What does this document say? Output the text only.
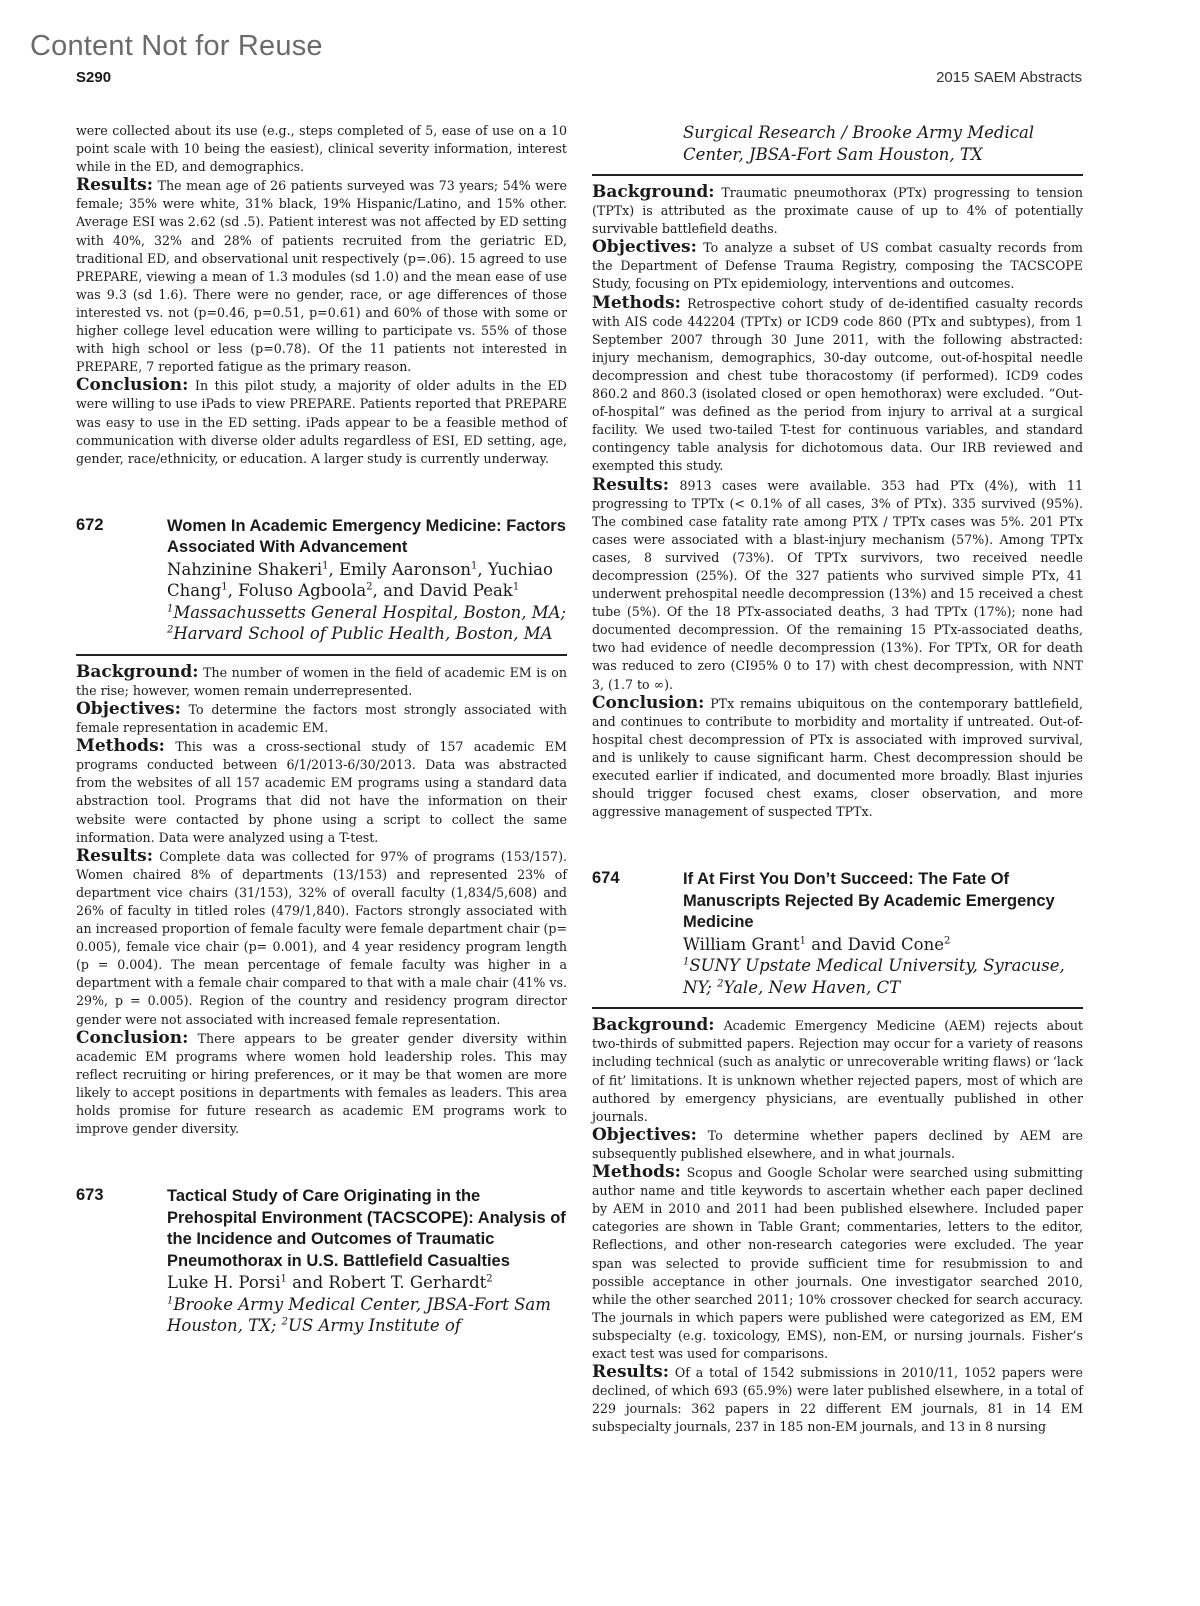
Content Not for Reuse
S290	2015 SAEM Abstracts

were collected about its use (e.g., steps completed of 5, ease of use on a 10 point scale with 10 being the easiest), clinical severity information, interest while in the ED, and demographics.

Results: The mean age of 26 patients surveyed was 73 years; 54% were female; 35% were white, 31% black, 19% Hispanic/Latino, and 15% other. Average ESI was 2.62 (sd .5). Patient interest was not affected by ED setting with 40%, 32% and 28% of patients recruited from the geriatric ED, traditional ED, and observational unit respectively (p=.06). 15 agreed to use PREPARE, viewing a mean of 1.3 modules (sd 1.0) and the mean ease of use was 9.3 (sd 1.6). There were no gender, race, or age differences of those interested vs. not (p=0.46, p=0.51, p=0.61) and 60% of those with some or higher college level education were willing to participate vs. 55% of those with high school or less (p=0.78). Of the 11 patients not interested in PREPARE, 7 reported fatigue as the primary reason.

Conclusion: In this pilot study, a majority of older adults in the ED were willing to use iPads to view PREPARE. Patients reported that PREPARE was easy to use in the ED setting. iPads appear to be a feasible method of communication with diverse older adults regardless of ESI, ED setting, age, gender, race/ethnicity, or education. A larger study is currently underway.

672	Women In Academic Emergency Medicine: Factors Associated With Advancement
Nahzinine Shakeri$^1$, Emily Aaronson$^1$, Yuchiao Chang$^1$, Foluso Agboola$^2$, and David Peak$^1$
$^1$Massachussetts General Hospital, Boston, MA; $^2$Harvard School of Public Health, Boston, MA

Background: The number of women in the field of academic EM is on the rise; however, women remain underrepresented.

Objectives: To determine the factors most strongly associated with female representation in academic EM.

Methods: This was a cross-sectional study of 157 academic EM programs conducted between 6/1/2013-6/30/2013. Data was abstracted from the websites of all 157 academic EM programs using a standard data abstraction tool. Programs that did not have the information on their website were contacted by phone using a script to collect the same information. Data were analyzed using a T-test.

Results: Complete data was collected for 97% of programs (153/157). Women chaired 8% of departments (13/153) and represented 23% of department vice chairs (31/153), 32% of overall faculty (1,834/5,608) and 26% of faculty in titled roles (479/1,840). Factors strongly associated with an increased proportion of female faculty were female department chair (p= 0.005), female vice chair (p= 0.001), and 4 year residency program length (p = 0.004). The mean percentage of female faculty was higher in a department with a female chair compared to that with a male chair (41% vs. 29%, p = 0.005). Region of the country and residency program director gender were not associated with increased female representation.

Conclusion: There appears to be greater gender diversity within academic EM programs where women hold leadership roles. This may reflect recruiting or hiring preferences, or it may be that women are more likely to accept positions in departments with females as leaders. This area holds promise for future research as academic EM programs work to improve gender diversity.

673	Tactical Study of Care Originating in the Prehospital Environment (TACSCOPE): Analysis of the Incidence and Outcomes of Traumatic Pneumothorax in U.S. Battlefield Casualties
Luke H. Porsi$^1$ and Robert T. Gerhardt$^2$
$^1$Brooke Army Medical Center, JBSA-Fort Sam Houston, TX; $^2$US Army Institute of
Surgical Research / Brooke Army Medical Center, JBSA-Fort Sam Houston, TX

Background: Traumatic pneumothorax (PTx) progressing to tension (TPTx) is attributed as the proximate cause of up to 4% of potentially survivable battlefield deaths.

Objectives: To analyze a subset of US combat casualty records from the Department of Defense Trauma Registry, composing the TACSCOPE Study, focusing on PTx epidemiology, interventions and outcomes.

Methods: Retrospective cohort study of de-identified casualty records with AIS code 442204 (TPTx) or ICD9 code 860 (PTx and subtypes), from 1 September 2007 through 30 June 2011, with the following abstracted: injury mechanism, demographics, 30-day outcome, out-of-hospital needle decompression and chest tube thoracostomy (if performed). ICD9 codes 860.2 and 860.3 (isolated closed or open hemothorax) were excluded. “Out-of-hospital” was defined as the period from injury to arrival at a surgical facility. We used two-tailed T-test for continuous variables, and standard contingency table analysis for dichotomous data. Our IRB reviewed and exempted this study.

Results: 8913 cases were available. 353 had PTx (4%), with 11 progressing to TPTx (< 0.1% of all cases, 3% of PTx). 335 survived (95%). The combined case fatality rate among PTX / TPTx cases was 5%. 201 PTx cases were associated with a blast-injury mechanism (57%). Among TPTx cases, 8 survived (73%). Of TPTx survivors, two received needle decompression (25%). Of the 327 patients who survived simple PTx, 41 underwent prehospital needle decompression (13%) and 15 received a chest tube (5%). Of the 18 PTx-associated deaths, 3 had TPTx (17%); none had documented decompression. Of the remaining 15 PTx-associated deaths, two had evidence of needle decompression (13%). For TPTx, OR for death was reduced to zero (CI95% 0 to 17) with chest decompression, with NNT 3, (1.7 to ∞).

Conclusion: PTx remains ubiquitous on the contemporary battlefield, and continues to contribute to morbidity and mortality if untreated. Out-of-hospital chest decompression of PTx is associated with improved survival, and is unlikely to cause significant harm. Chest decompression should be executed earlier if indicated, and documented more broadly. Blast injuries should trigger focused chest exams, closer observation, and more aggressive management of suspected TPTx.

674	If At First You Don’t Succeed: The Fate Of Manuscripts Rejected By Academic Emergency Medicine
William Grant$^1$ and David Cone$^2$
$^1$SUNY Upstate Medical University, Syracuse, NY; $^2$Yale, New Haven, CT

Background: Academic Emergency Medicine (AEM) rejects about two-thirds of submitted papers. Rejection may occur for a variety of reasons including technical (such as analytic or unrecoverable writing flaws) or ‘lack of fit’ limitations. It is unknown whether rejected papers, most of which are authored by emergency physicians, are eventually published in other journals.

Objectives: To determine whether papers declined by AEM are subsequently published elsewhere, and in what journals.

Methods: Scopus and Google Scholar were searched using submitting author name and title keywords to ascertain whether each paper declined by AEM in 2010 and 2011 had been published elsewhere. Included paper categories are shown in Table Grant; commentaries, letters to the editor, Reflections, and other non-research categories were excluded. The year span was selected to provide sufficient time for resubmission to and possible acceptance in other journals. One investigator searched 2010, while the other searched 2011; 10% crossover checked for search accuracy. The journals in which papers were published were categorized as EM, EM subspecialty (e.g. toxicology, EMS), non-EM, or nursing journals. Fisher’s exact test was used for comparisons.

Results: Of a total of 1542 submissions in 2010/11, 1052 papers were declined, of which 693 (65.9%) were later published elsewhere, in a total of 229 journals: 362 papers in 22 different EM journals, 81 in 14 EM subspecialty journals, 237 in 185 non-EM journals, and 13 in 8 nursing
